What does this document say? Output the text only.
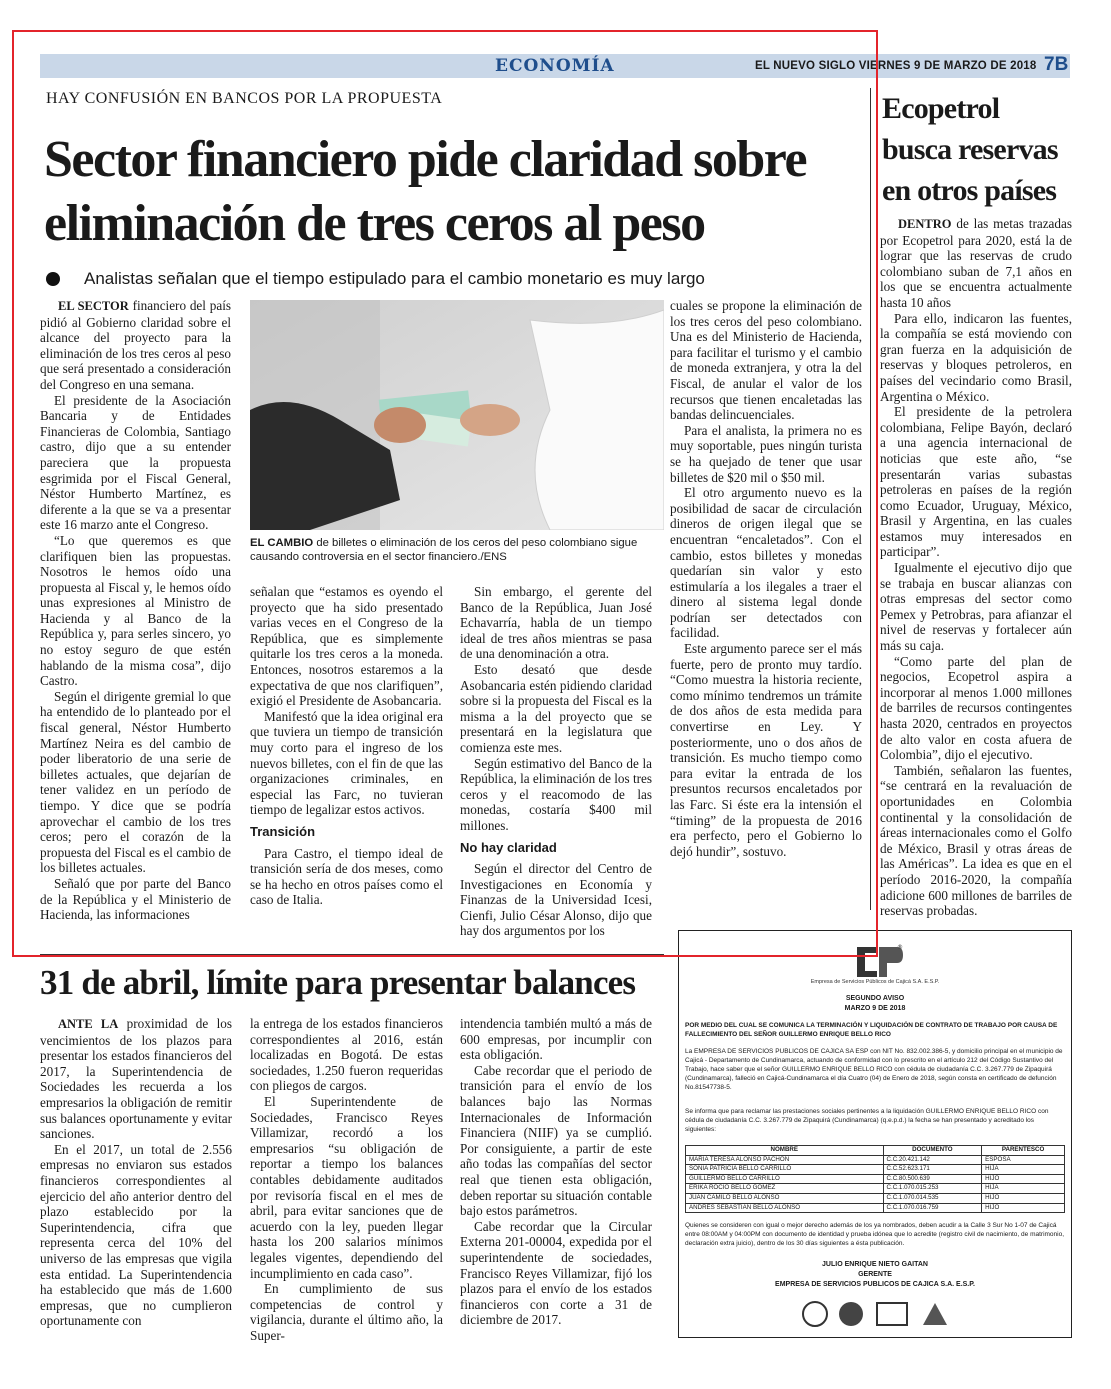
ECONOMÍA	EL NUEVO SIGLO VIERNES 9 DE MARZO DE 2018 7B
HAY CONFUSIÓN EN BANCOS POR LA PROPUESTA
Sector financiero pide claridad sobre
eliminación de tres ceros al peso
Analistas señalan que el tiempo estipulado para el cambio monetario es muy largo

EL SECTOR financiero del país pidió al Gobierno claridad sobre el alcance del proyecto para la eliminación de los tres ceros al peso que será presentado a consideración del Congreso en una semana.

El presidente de la Asociación Bancaria y de Entidades Financieras de Colombia, Santiago castro, dijo que a su entender pareciera que la propuesta esgrimida por el Fiscal General, Néstor Humberto Martínez, es diferente a la que se va a presentar este 16 marzo ante el Congreso.

“Lo que queremos es que clarifiquen bien las propuestas. Nosotros le hemos oído una propuesta al Fiscal y, le hemos oído unas expresiones al Ministro de Hacienda y al Banco de la República y, para serles sincero, yo no estoy seguro de que estén hablando de la misma cosa”, dijo Castro.

Según el dirigente gremial lo que ha entendido de lo planteado por el fiscal general, Néstor Humberto Martínez Neira es del cambio de poder liberatorio de una serie de billetes actuales, que dejarían de tener validez en un período de tiempo. Y dice que se podría aprovechar el cambio de los tres ceros; pero el corazón de la propuesta del Fiscal es el cambio de los billetes actuales.

Señaló que por parte del Banco de la República y el Ministerio de Hacienda, las informaciones

EL CAMBIO de billetes o eliminación de los ceros del peso colombiano sigue causando controversia en el sector financiero./ENS

señalan que “estamos es oyendo el proyecto que ha sido presentado varias veces en el Congreso de la República, que es simplemente quitarle los tres ceros a la moneda. Entonces, nosotros estaremos a la expectativa de que nos clarifiquen”, exigió el Presidente de Asobancaria.

Manifestó que la idea original era que tuviera un tiempo de transición muy corto para el ingreso de los nuevos billetes, con el fin de que las organizaciones criminales, en especial las Farc, no tuvieran tiempo de legalizar estos activos.

Transición

Para Castro, el tiempo ideal de transición sería de dos meses, como se ha hecho en otros países como el caso de Italia.

Sin embargo, el gerente del Banco de la República, Juan José Echavarría, habla de un tiempo ideal de tres años mientras se pasa de una denominación a otra.

Esto desató que desde Asobancaria estén pidiendo claridad sobre si la propuesta del Fiscal es la misma a la del proyecto que se presentará en la legislatura que comienza este mes.

Según estimativo del Banco de la República, la eliminación de los tres ceros y el reacomodo de las monedas, costaría $400 mil millones.

No hay claridad

Según el director del Centro de Investigaciones en Economía y Finanzas de la Universidad Icesi, Cienfi, Julio César Alonso, dijo que hay dos argumentos por los

cuales se propone la eliminación de los tres ceros del peso colombiano. Una es del Ministerio de Hacienda, para facilitar el turismo y el cambio de moneda extranjera, y otra la del Fiscal, de anular el valor de los recursos que tienen encaletadas las bandas delincuenciales.

Para el analista, la primera no es muy soportable, pues ningún turista se ha quejado de tener que usar billetes de $20 mil o $50 mil.

El otro argumento nuevo es la posibilidad de sacar de circulación dineros de origen ilegal que se encuentran “encaletados”. Con el cambio, estos billetes y monedas quedarían sin valor y esto estimularía a los ilegales a traer el dinero al sistema legal donde podrían ser detectados con facilidad.

Este argumento parece ser el más fuerte, pero de pronto muy tardío. “Como muestra la historia reciente, como mínimo tendremos un trámite de dos años de esta medida para convertirse en Ley. Y posteriormente, uno o dos años de transición. Es mucho tiempo como para evitar la entrada de los presuntos recursos encaletados por las Farc. Si éste era la intensión el “timing” de la propuesta de 2016 era perfecto, pero el Gobierno lo dejó hundir”, sostuvo.

Ecopetrol
busca reservas
en otros países

DENTRO de las metas trazadas por Ecopetrol para 2020, está la de lograr que las reservas de crudo colombiano suban de 7,1 años en los que se encuentra actualmente hasta 10 años

Para ello, indicaron las fuentes, la compañía se está moviendo con gran fuerza en la adquisición de reservas y bloques petroleros, en países del vecindario como Brasil, Argentina o México.

El presidente de la petrolera colombiana, Felipe Bayón, declaró a una agencia internacional de noticias que este año, “se presentarán varias subastas petroleras en países de la región como Ecuador, Uruguay, México, Brasil y Argentina, en las cuales estamos muy interesados en participar”.

Igualmente el ejecutivo dijo que se trabaja en buscar alianzas con otras empresas del sector como Pemex y Petrobras, para afianzar el nivel de reservas y fortalecer aún más su caja.

“Como parte del plan de negocios, Ecopetrol aspira a incorporar al menos 1.000 millones de barriles de recursos contingentes hasta 2020, centrados en proyectos de alto valor en costa afuera de Colombia”, dijo el ejecutivo.

También, señalaron las fuentes, “se centrará en la revaluación de oportunidades en Colombia continental y la consolidación de áreas internacionales como el Golfo de México, Brasil y otras áreas de las Américas”. La idea es que en el período 2016-2020, la compañía adicione 600 millones de barriles de reservas probadas.

31 de abril, límite para presentar balances

ANTE LA proximidad de los vencimientos de los plazos para presentar los estados financieros del 2017, la Superintendencia de Sociedades les recuerda a los empresarios la obligación de remitir sus balances oportunamente y evitar sanciones.

En el 2017, un total de 2.556 empresas no enviaron sus estados financieros correspondientes al ejercicio del año anterior dentro del plazo establecido por la Superintendencia, cifra que representa cerca del 10% del universo de las empresas que vigila esta entidad. La Superintendencia ha establecido que más de 1.600 empresas, que no cumplieron oportunamente con

la entrega de los estados financieros correspondientes al 2016, están localizadas en Bogotá. De estas sociedades, 1.250 fueron requeridas con pliegos de cargos.

El Superintendente de Sociedades, Francisco Reyes Villamizar, recordó a los empresarios “su obligación de reportar a tiempo los balances contables debidamente auditados por revisoría fiscal en el mes de abril, para evitar sanciones que de acuerdo con la ley, pueden llegar hasta los 200 salarios mínimos legales vigentes, dependiendo del incumplimiento en cada caso”.

En cumplimiento de sus competencias de control y vigilancia, durante el último año, la Super-

intendencia también multó a más de 600 empresas, por incumplir con esta obligación.

Cabe recordar que el periodo de transición para el envío de los balances bajo las Normas Internacionales de Información Financiera (NIIF) ya se cumplió. Por consiguiente, a partir de este año todas las compañías del sector real que tienen esta obligación, deben reportar su situación contable bajo estos parámetros.

Cabe recordar que la Circular Externa 201-00004, expedida por el superintendente de sociedades, Francisco Reyes Villamizar, fijó los plazos para el envío de los estados financieros con corte a 31 de diciembre de 2017.

®
Empresa de Servicios Públicos de Cajicá S.A. E.S.P.
SEGUNDO AVISO
MARZO 9 DE 2018
POR MEDIO DEL CUAL SE COMUNICA LA TERMINACIÓN Y LIQUIDACIÓN DE CONTRATO DE TRABAJO POR CAUSA DE FALLECIMIENTO DEL SEÑOR GUILLERMO ENRIQUE BELLO RICO
La EMPRESA DE SERVICIOS PUBLICOS DE CAJICA SA ESP con NIT No. 832.002.386-5, y domicilio principal en el municipio de Cajicá - Departamento de Cundinamarca, actuando de conformidad con lo prescrito en el artículo 212 del Código Sustantivo del Trabajo, hace saber que el señor GUILLERMO ENRIQUE BELLO RICO con cédula de ciudadanía C.C. 3.267.779 de Zipaquirá (Cundinamarca), falleció en Cajicá-Cundinamarca el día Cuatro (04) de Enero de 2018, según consta en certificado de defunción No.81547738-5.
Se informa que para reclamar las prestaciones sociales pertinentes a la liquidación GUILLERMO ENRIQUE BELLO RICO con cédula de ciudadanía C.C. 3.267.779 de Zipaquirá (Cundinamarca) (q.e.p.d.) la fecha se han presentado y acreditado los siguientes:
NOMBRE	DOCUMENTO	PARENTESCO
MARIA TERESA ALONSO PACHON	C.C.20.421.142	ESPOSA
SONIA PATRICIA BELLO CARRILLO	C.C.52.623.171	HIJA
GUILLERMO BELLO CARRILLO	C.C.80.500.639	HIJO
ERIKA ROCIO BELLO GOMEZ	C.C.1.070.015.253	HIJA
JUAN CAMILO BELLO ALONSO	C.C.1.070.014.535	HIJO
ANDRES SEBASTIAN BELLO ALONSO	C.C.1.070.016.759	HIJO
Quienes se consideren con igual o mejor derecho además de los ya nombrados, deben acudir a la Calle 3 Sur No 1-07 de Cajicá entre 08:00AM y 04:00PM con documento de identidad y prueba idónea que lo acredite (registro civil de nacimiento, de matrimonio, declaración extra juicio), dentro de los 30 días siguientes a ésta publicación.
JULIO ENRIQUE NIETO GAITAN
GERENTE
EMPRESA DE SERVICIOS PUBLICOS DE CAJICA S.A. E.S.P.
